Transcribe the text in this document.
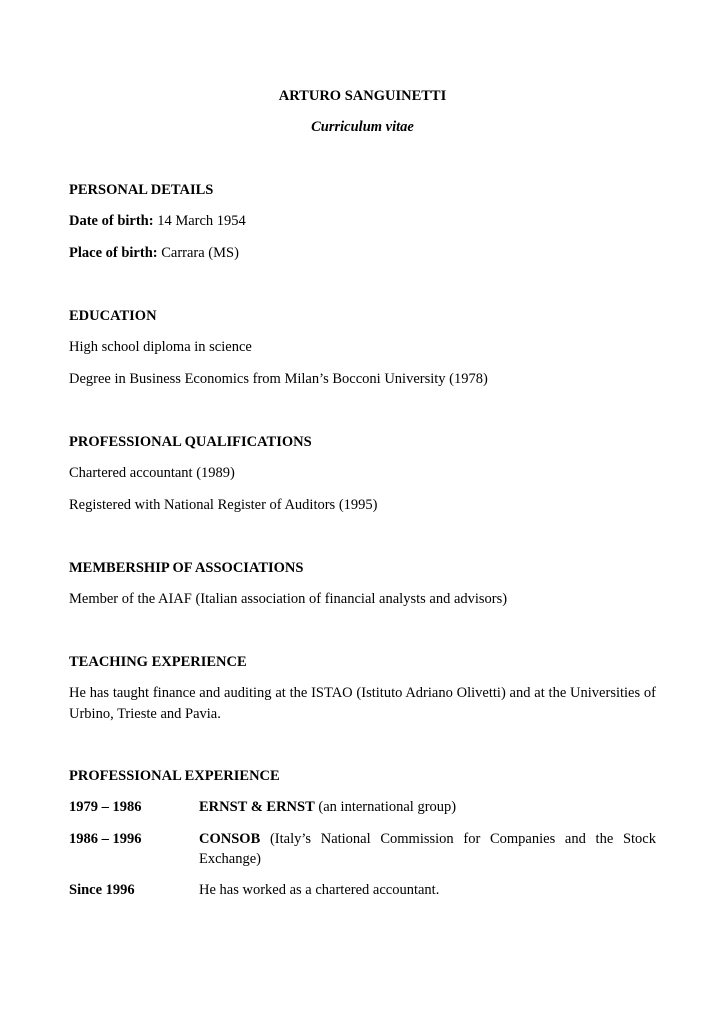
ARTURO SANGUINETTI
Curriculum vitae
PERSONAL DETAILS
Date of birth: 14 March 1954
Place of birth: Carrara (MS)
EDUCATION
High school diploma in science
Degree in Business Economics from Milan’s Bocconi University (1978)
PROFESSIONAL QUALIFICATIONS
Chartered accountant (1989)
Registered with National Register of Auditors (1995)
MEMBERSHIP OF ASSOCIATIONS
Member of the AIAF (Italian association of financial analysts and advisors)
TEACHING EXPERIENCE
He has taught finance and auditing at the ISTAO (Istituto Adriano Olivetti) and at the Universities of Urbino, Trieste and Pavia.
PROFESSIONAL EXPERIENCE
1979 – 1986	ERNST & ERNST (an international group)
1986 – 1996	CONSOB (Italy’s National Commission for Companies and the Stock Exchange)
Since 1996	He has worked as a chartered accountant.
